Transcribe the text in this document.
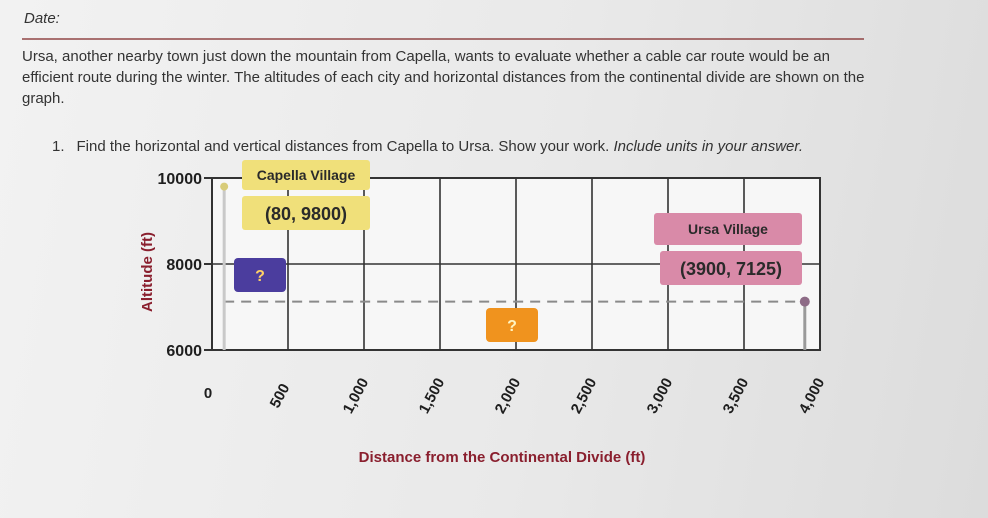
Date:
Ursa, another nearby town just down the mountain from Capella, wants to evaluate whether a cable car route would be an efficient route during the winter. The altitudes of each city and horizontal distances from the continental divide are shown on the graph.
1. Find the horizontal and vertical distances from Capella to Ursa. Show your work. Include units in your answer.
6000
8000
10000
0	500	1,000	1,500	2,000	2,500	3,000	3,500	4,000
Capella Village
(80, 9800)
Ursa Village
(3900, 7125)
?
?
Altitude (ft)
Distance from the Continental Divide (ft)
